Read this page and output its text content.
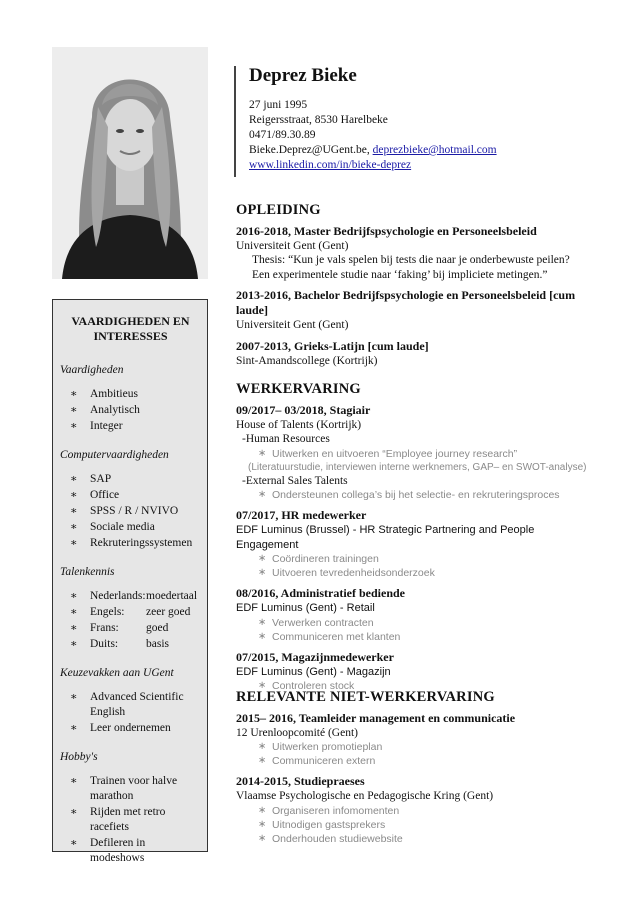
VAARDIGHEDEN EN INTERESSES
Vaardigheden
∗ Ambitieus
∗ Analytisch
∗ Integer
Computervaardigheden
∗ SAP
∗ Office
∗ SPSS / R / NVIVO
∗ Sociale media
∗ Rekruteringssystemen
Talenkennis
∗ Nederlands:moedertaal
∗ Engels: zeer goed
∗ Frans: goed
∗ Duits: basis
Keuzevakken aan UGent
∗ Advanced Scientific English
∗ Leer ondernemen
Hobby's
∗ Trainen voor halve marathon
∗ Rijden met retro racefiets
∗ Defileren in modeshows
Deprez Bieke
27 juni 1995
Reigersstraat, 8530 Harelbeke
0471/89.30.89
Bieke.Deprez@UGent.be, deprezbieke@hotmail.com
www.linkedin.com/in/bieke-deprez
OPLEIDING
2016-2018, Master Bedrijfspsychologie en Personeelsbeleid
Universiteit Gent (Gent)
Thesis: “Kun je vals spelen bij tests die naar je onderbewuste peilen?
Een experimentele studie naar ‘faking’ bij impliciete metingen.”
2013-2016, Bachelor Bedrijfspsychologie en Personeelsbeleid [cum laude]
Universiteit Gent (Gent)
2007-2013, Grieks-Latijn [cum laude]
Sint-Amandscollege (Kortrijk)
WERKERVARING
09/2017– 03/2018, Stagiair
House of Talents (Kortrijk)
-Human Resources
∗ Uitwerken en uitvoeren “Employee journey research”
(Literatuurstudie, interviewen interne werknemers, GAP– en SWOT-analyse)
-External Sales Talents
∗ Ondersteunen collega’s bij het selectie- en rekruteringsproces
07/2017, HR medewerker
EDF Luminus (Brussel) - HR Strategic Partnering and People Engagement
∗ Coördineren trainingen
∗ Uitvoeren tevredenheidsonderzoek
08/2016, Administratief bediende
EDF Luminus (Gent) - Retail
∗ Verwerken contracten
∗ Communiceren met klanten
07/2015, Magazijnmedewerker
EDF Luminus (Gent) - Magazijn
∗ Controleren stock
RELEVANTE NIET-WERKERVARING
2015– 2016, Teamleider management en communicatie
12 Urenloopcomité (Gent)
∗ Uitwerken promotieplan
∗ Communiceren extern
2014-2015, Studiepraeses
Vlaamse Psychologische en Pedagogische Kring (Gent)
∗ Organiseren infomomenten
∗ Uitnodigen gastsprekers
∗ Onderhouden studiewebsite
